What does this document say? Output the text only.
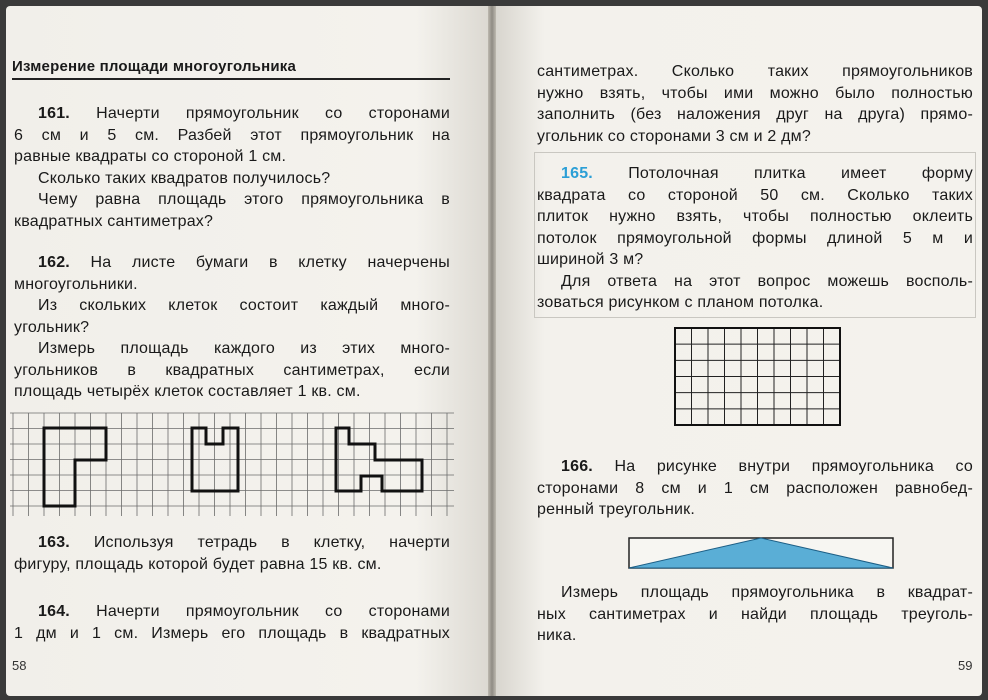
Измерение площади многоугольника
161. Начерти прямоугольник со сторонами
6 см и 5 см. Разбей этот прямоугольник на
равные квадраты со стороной 1 см.
Сколько таких квадратов получилось?
Чему равна площадь этого прямоугольника в
квадратных сантиметрах?
162. На листе бумаги в клетку начерчены
многоугольники.
Из скольких клеток состоит каждый много-
угольник?
Измерь площадь каждого из этих много-
угольников в квадратных сантиметрах, если
площадь четырёх клеток составляет 1 кв. см.
163. Используя тетрадь в клетку, начерти
фигуру, площадь которой будет равна 15 кв. см.
164. Начерти прямоугольник со сторонами
1 дм и 1 см. Измерь его площадь в квадратных
58
сантиметрах. Сколько таких прямоугольников
нужно взять, чтобы ими можно было полностью
заполнить (без наложения друг на друга) прямо-
угольник со сторонами 3 см и 2 дм?
165. Потолочная плитка имеет форму
квадрата со стороной 50 см. Сколько таких
плиток нужно взять, чтобы полностью оклеить
потолок прямоугольной формы длиной 5 м и
шириной 3 м?
Для ответа на этот вопрос можешь восполь-
зоваться рисунком с планом потолка.
166. На рисунке внутри прямоугольника со
сторонами 8 см и 1 см расположен равнобед-
ренный треугольник.
Измерь площадь прямоугольника в квадрат-
ных сантиметрах и найди площадь треуголь-
ника.
59
